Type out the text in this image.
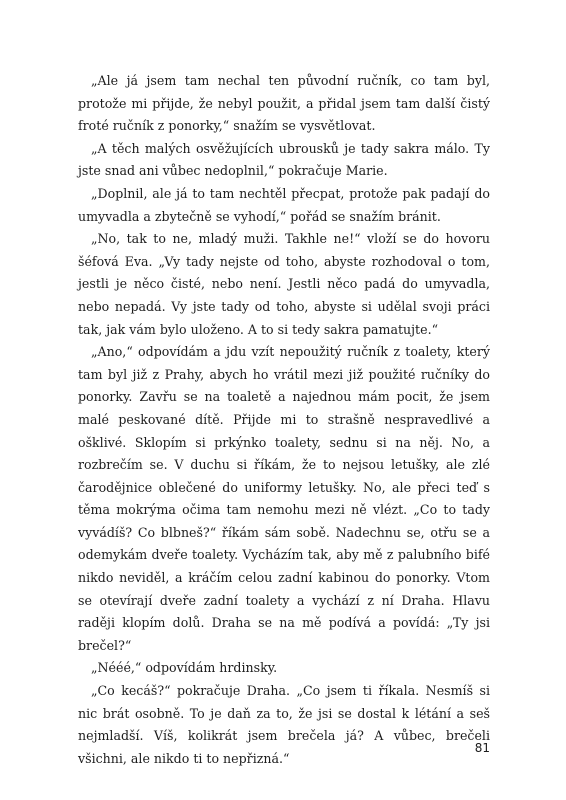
„Ale já jsem tam nechal ten původní ručník, co tam byl, protože mi přijde, že nebyl použit, a přidal jsem tam další čistý froté ručník z ponorky,“ snažím se vysvětlovat.

„A těch malých osvěžujících ubrousků je tady sakra málo. Ty jste snad ani vůbec nedoplnil,“ pokračuje Marie.

„Doplnil, ale já to tam nechtěl přecpat, protože pak padají do umyvadla a zbytečně se vyhodí,“ pořád se snažím bránit.

„No, tak to ne, mladý muži. Takhle ne!“ vloží se do hovoru šéfová Eva. „Vy tady nejste od toho, abyste rozhodoval o tom, jestli je něco čisté, nebo není. Jestli něco padá do umyvadla, nebo nepadá. Vy jste tady od toho, abyste si udělal svoji práci tak, jak vám bylo uloženo. A to si tedy sakra pamatujte.“

„Ano,“ odpovídám a jdu vzít nepoužitý ručník z toalety, který tam byl již z Prahy, abych ho vrátil mezi již použité ručníky do ponorky. Zavřu se na toaletě a najednou mám pocit, že jsem malé peskované dítě. Přijde mi to strašně nespravedlivé a ošklivé. Sklopím si prkýnko toalety, sednu si na něj. No, a rozbrečím se. V duchu si říkám, že to nejsou letušky, ale zlé čarodějnice oblečené do uniformy letušky. No, ale přeci teď s těma mokrýma očima tam nemohu mezi ně vlézt. „Co to tady vyvádíš? Co blbneš?“ říkám sám sobě. Nadechnu se, otřu se a odemykám dveře toalety. Vycházím tak, aby mě z palubního bifé nikdo neviděl, a kráčím celou zadní kabinou do ponorky. Vtom se otevírají dveře zadní toalety a vychází z ní Draha. Hlavu raději klopím dolů. Draha se na mě podívá a povídá: „Ty jsi brečel?“

„Nééé,“ odpovídám hrdinsky.

„Co kecáš?“ pokračuje Draha. „Co jsem ti říkala. Nesmíš si nic brát osobně. To je daň za to, že jsi se dostal k létání a seš nejmladší. Víš, kolikrát jsem brečela já? A vůbec, brečeli všichni, ale nikdo ti to nepřizná.“

81
